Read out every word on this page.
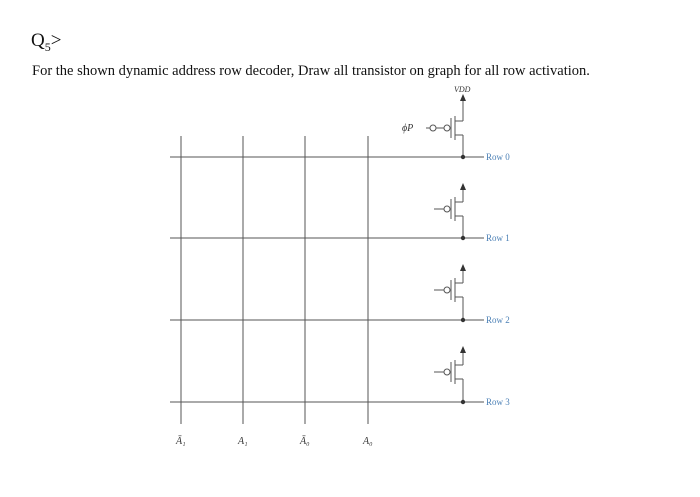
$Q_5>$
For the shown dynamic address row decoder, Draw all transistor on graph for all row activation.
VDD
ϕP
Row 0
Row 1
Row 2
Row 3
Ā₁	A₁	Ā₀	A₀
